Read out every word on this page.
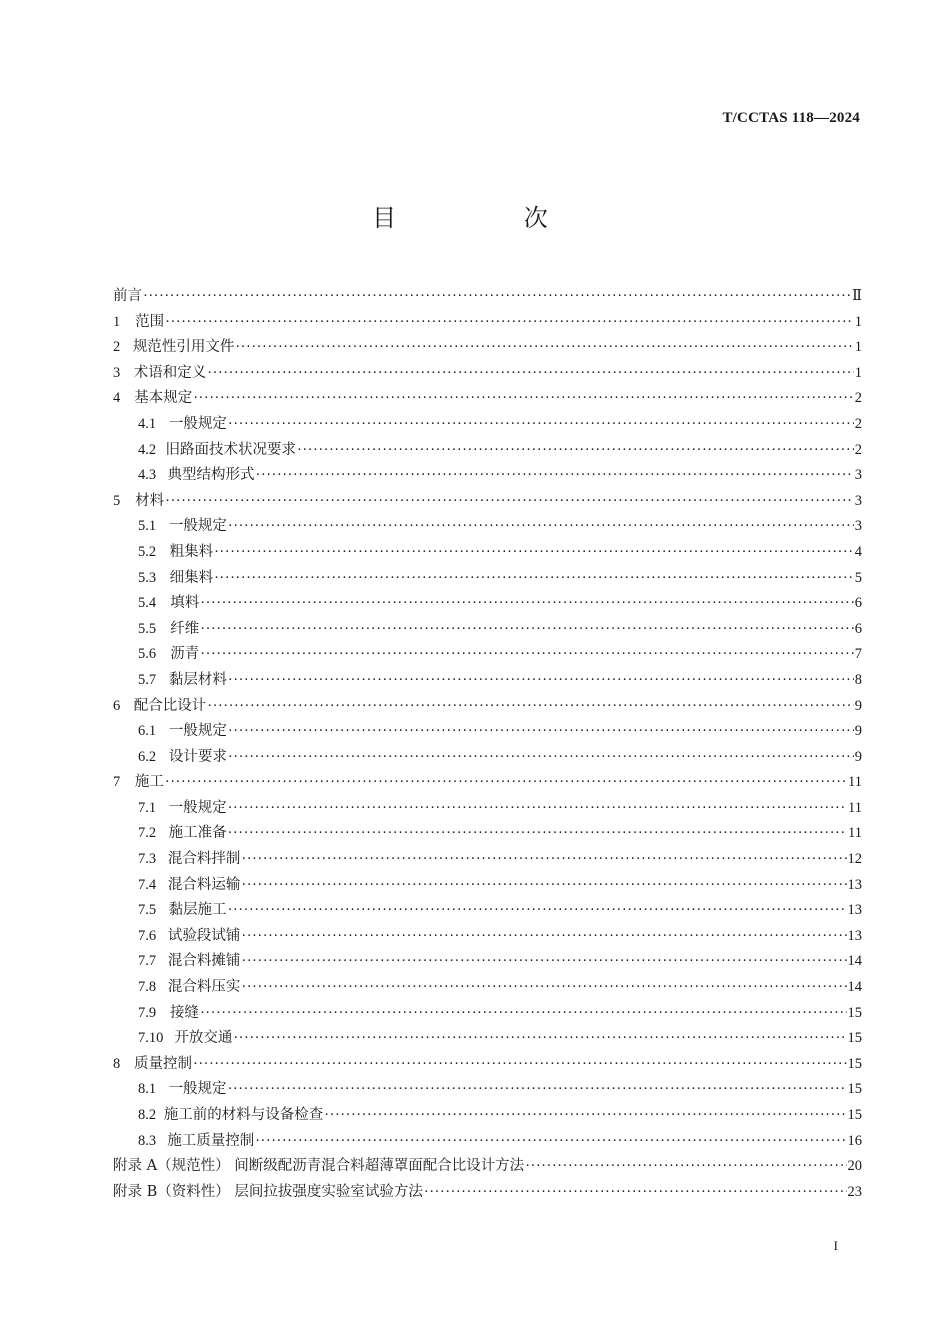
T/CCTAS 118—2024
目 次
前言 ·····	Ⅱ
1	范围 ·····	1
2 规范性引用文件 ·····	1
3 术语和定义 ·····	1
4 基本规定 ·····	2
4.1 一般规定 ·····	2
4.2 旧路面技术状况要求 ·····	2
4.3 典型结构形式 ·····	3
5	材料 ·····	3
5.1 一般规定 ·····	3
5.2 粗集料 ·····	4
5.3 细集料 ·····	5
5.4 填料 ·····	6
5.5 纤维 ·····	6
5.6 沥青 ·····	7
5.7 黏层材料 ·····	8
6 配合比设计 ·····	9
6.1 一般规定 ·····	9
6.2 设计要求 ·····	9
7	施工 ·····	11
7.1 一般规定 ·····	11
7.2 施工准备 ·····	11
7.3 混合料拌制 ·····	12
7.4 混合料运输 ·····	13
7.5 黏层施工 ·····	13
7.6 试验段试铺 ·····	13
7.7 混合料摊铺 ·····	14
7.8 混合料压实 ·····	14
7.9 接缝 ·····	15
7.10 开放交通 ·····	15
8 质量控制 ·····	15
8.1 一般规定 ·····	15
8.2 施工前的材料与设备检查 ·····	15
8.3 施工质量控制 ·····	16
附录 A（规范性） 间断级配沥青混合料超薄罩面配合比设计方法 ·····	20
附录 B（资料性） 层间拉拔强度实验室试验方法 ·····	23
I
